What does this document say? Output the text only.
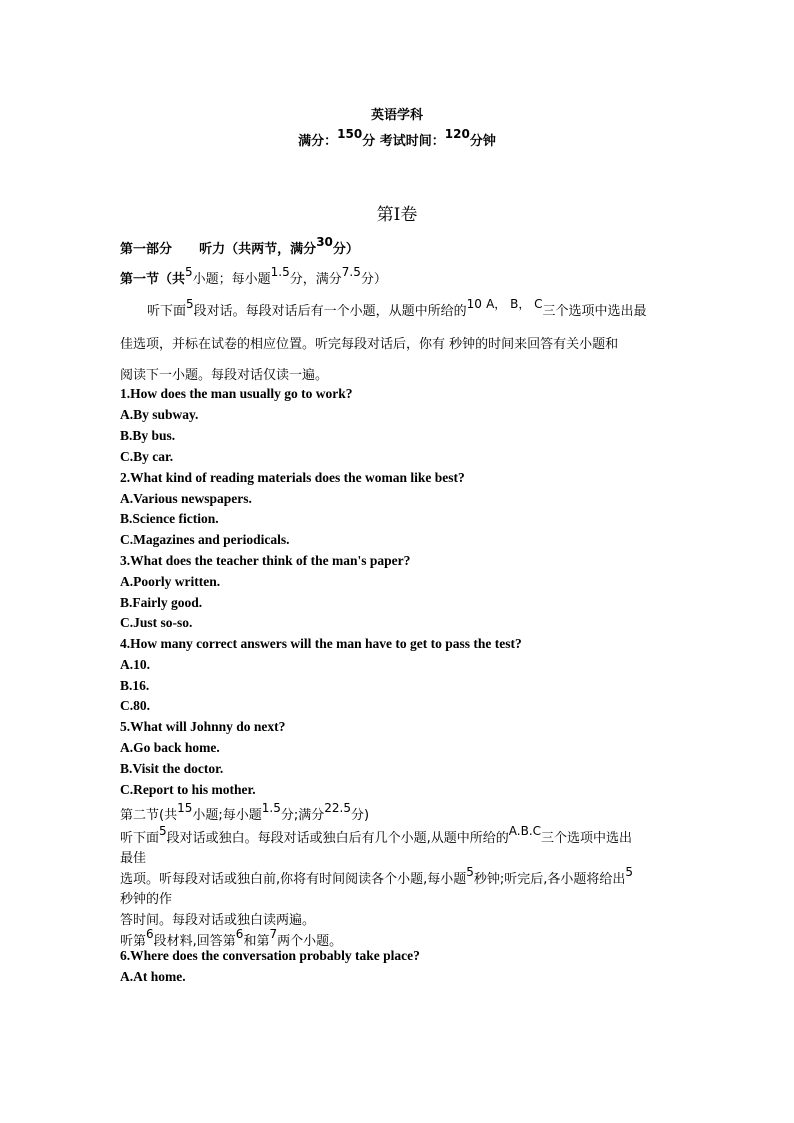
英语学科
满分：150分 考试时间：120分钟
第Ⅰ卷
第一部分 听力（共两节，满分30分）
第一节（共5小题；每小题1.5分，满分7.5分）
听下面5段对话。每段对话后有一个小题，从题中所给的10 A， B， C三个选项中选出最
佳选项，并标在试卷的相应位置。听完每段对话后，你有 秒钟的时间来回答有关小题和
阅读下一小题。每段对话仅读一遍。
1.How does the man usually go to work?
A.By subway.
B.By bus.
C.By car.
2.What kind of reading materials does the woman like best?
A.Various newspapers.
B.Science fiction.
C.Magazines and periodicals.
3.What does the teacher think of the man's paper?
A.Poorly written.
B.Fairly good.
C.Just so-so.
4.How many correct answers will the man have to get to pass the test?
A.10.
B.16.
C.80.
5.What will Johnny do next?
A.Go back home.
B.Visit the doctor.
C.Report to his mother.
第二节(共15小题;每小题1.5分;满分22.5分)
听下面5段对话或独白。每段对话或独白后有几个小题,从题中所给的A.B.C三个选项中选出
最佳
选项。听每段对话或独白前,你将有时间阅读各个小题,每小题5秒钟;听完后,各小题将给出5
秒钟的作
答时间。每段对话或独白读两遍。
听第6段材料,回答第6和第7两个小题。
6.Where does the conversation probably take place?
A.At home.
